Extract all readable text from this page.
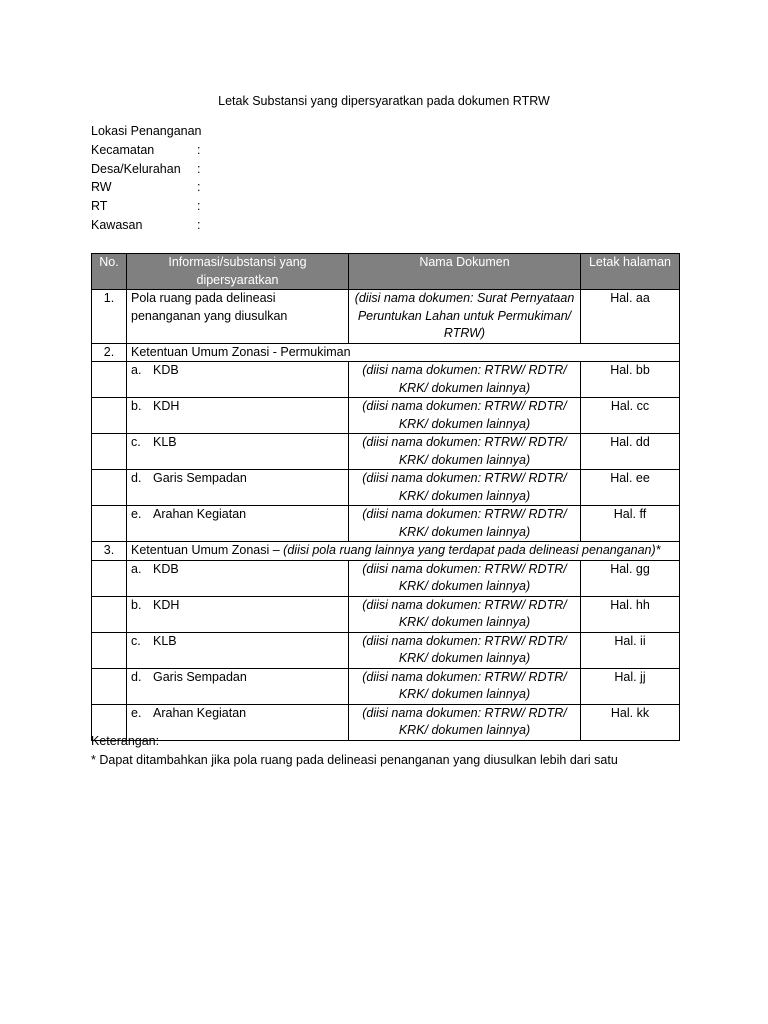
Letak Substansi yang dipersyaratkan pada dokumen RTRW
Lokasi Penanganan
Kecamatan	:
Desa/Kelurahan	:
RW	:
RT	:
Kawasan	:
No.	Informasi/substansi yang dipersyaratkan	Nama Dokumen	Letak halaman
1.	Pola ruang pada delineasi penanganan yang diusulkan	(diisi nama dokumen: Surat Pernyataan Peruntukan Lahan untuk Permukiman/ RTRW)	Hal. aa
2.	Ketentuan Umum Zonasi - Permukiman		

	a. KDB	(diisi nama dokumen: RTRW/ RDTR/ KRK/ dokumen lainnya)	Hal. bb

	b. KDH	(diisi nama dokumen: RTRW/ RDTR/ KRK/ dokumen lainnya)	Hal. cc

	c. KLB	(diisi nama dokumen: RTRW/ RDTR/ KRK/ dokumen lainnya)	Hal. dd

	d. Garis Sempadan	(diisi nama dokumen: RTRW/ RDTR/ KRK/ dokumen lainnya)	Hal. ee

	e. Arahan Kegiatan	(diisi nama dokumen: RTRW/ RDTR/ KRK/ dokumen lainnya)	Hal. ff
3.	Ketentuan Umum Zonasi – (diisi pola ruang lainnya yang terdapat pada delineasi penanganan)*		

	a. KDB	(diisi nama dokumen: RTRW/ RDTR/ KRK/ dokumen lainnya)	Hal. gg

	b. KDH	(diisi nama dokumen: RTRW/ RDTR/ KRK/ dokumen lainnya)	Hal. hh

	c. KLB	(diisi nama dokumen: RTRW/ RDTR/ KRK/ dokumen lainnya)	Hal. ii

	d. Garis Sempadan	(diisi nama dokumen: RTRW/ RDTR/ KRK/ dokumen lainnya)	Hal. jj

	e. Arahan Kegiatan	(diisi nama dokumen: RTRW/ RDTR/ KRK/ dokumen lainnya)	Hal. kk
Keterangan:
* Dapat ditambahkan jika pola ruang pada delineasi penanganan yang diusulkan lebih dari satu
